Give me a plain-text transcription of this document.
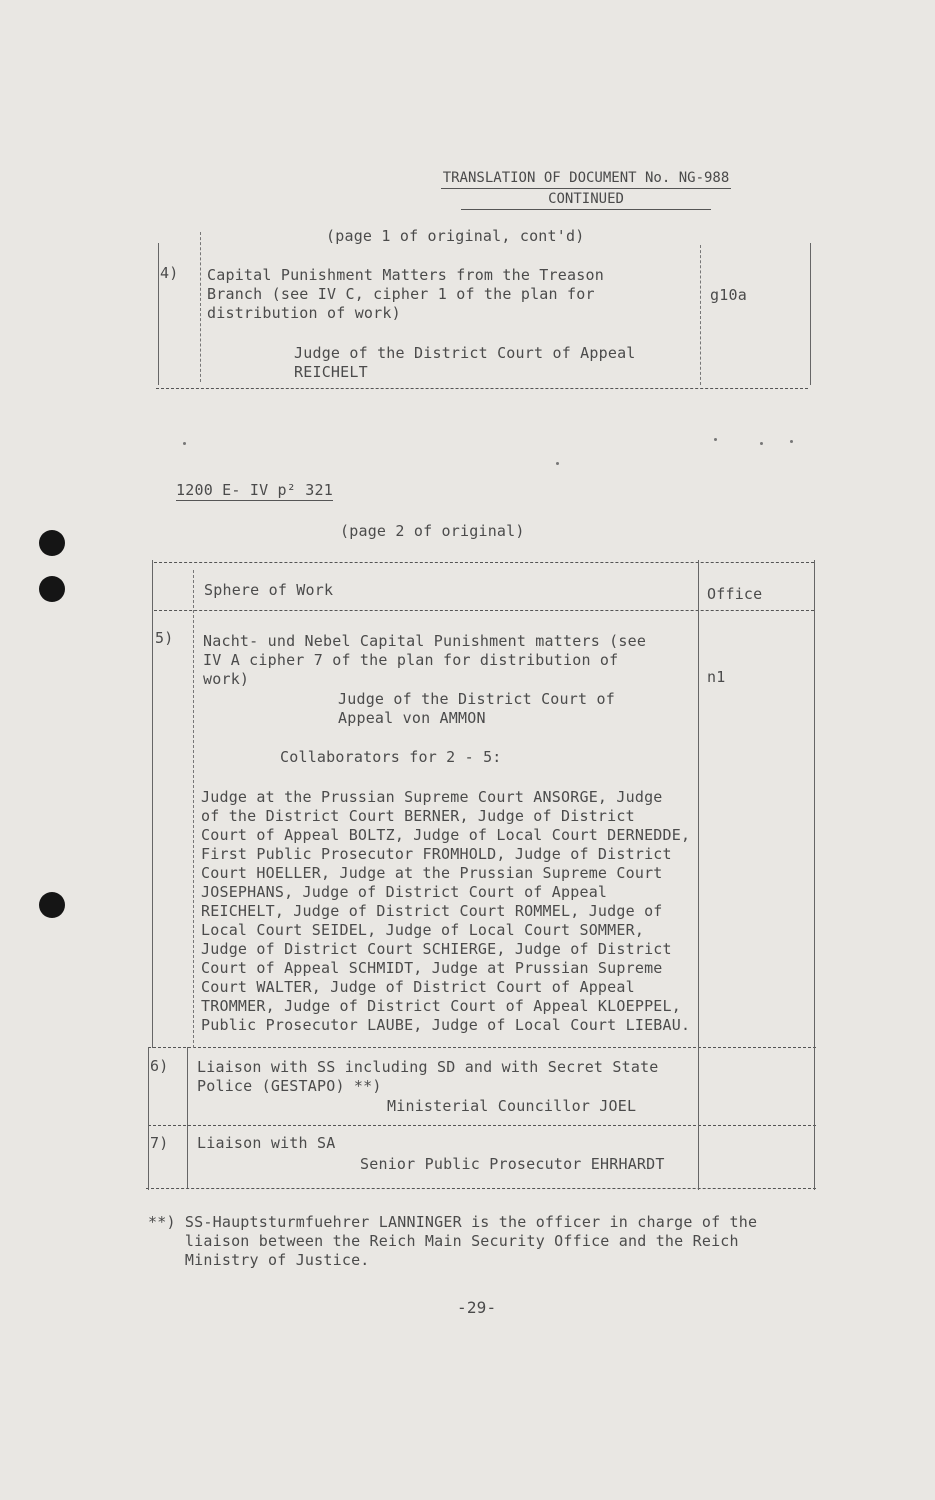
TRANSLATION OF DOCUMENT No. NG-988

CONTINUED
(page 1 of original, cont'd)
4) Capital Punishment Matters from the Treason
Branch (see IV C, cipher 1 of the plan for
distribution of work)
Judge of the District Court of Appeal
REICHELT
g10a
1200 E- IV p² 321
(page 2 of original)
Sphere of Work	Office
5) Nacht- und Nebel Capital Punishment matters (see
IV A cipher 7 of the plan for distribution of
work)
Judge of the District Court of
Appeal von AMMON
n1
Collaborators for 2 - 5:
Judge at the Prussian Supreme Court ANSORGE, Judge
of the District Court BERNER, Judge of District
Court of Appeal BOLTZ, Judge of Local Court DERNEDDE,
First Public Prosecutor FROMHOLD, Judge of District
Court HOELLER, Judge at the Prussian Supreme Court
JOSEPHANS, Judge of District Court of Appeal
REICHELT, Judge of District Court ROMMEL, Judge of
Local Court SEIDEL, Judge of Local Court SOMMER,
Judge of District Court SCHIERGE, Judge of District
Court of Appeal SCHMIDT, Judge at Prussian Supreme
Court WALTER, Judge of District Court of Appeal
TROMMER, Judge of District Court of Appeal KLOEPPEL,
Public Prosecutor LAUBE, Judge of Local Court LIEBAU.
6) Liaison with SS including SD and with Secret State
Police (GESTAPO) **)
Ministerial Councillor JOEL
7) Liaison with SA
Senior Public Prosecutor EHRHARDT
**) SS-Hauptsturmfuehrer LANNINGER is the officer in charge of the
liaison between the Reich Main Security Office and the Reich
Ministry of Justice.
-29-
